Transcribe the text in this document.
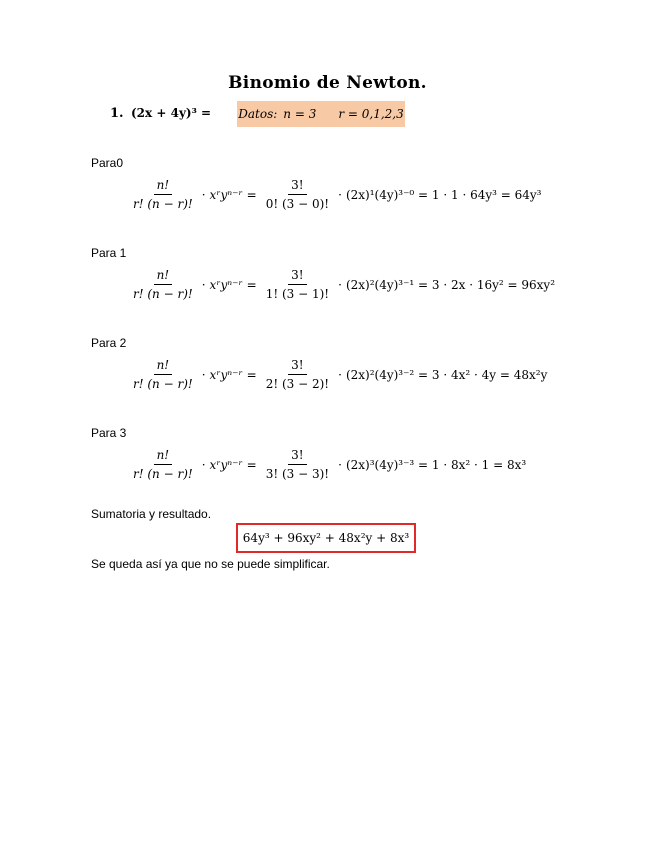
Binomio de Newton.
1. (2x + 4y)³ = Datos: n = 3 r = 0,1,2,3
Para0
$\frac{n!}{r! (n - r)!}$ · xʳyⁿ⁻ʳ = $\frac{3!}{0! (3 - 0)!} \cdot (2x)^1(4y)^{3-0} = 1 \cdot 1 \cdot 64y^3 = 64y^3$
Para 1
$\frac{n!}{r! (n - r)!}$ · xʳyⁿ⁻ʳ = $\frac{3!}{1! (3 - 1)!} \cdot (2x)^2(4y)^{3-1} = 3 \cdot 2x \cdot 16y^2 = 96xy^2$
Para 2
$\frac{n!}{r! (n - r)!}$ · xʳyⁿ⁻ʳ = $\frac{3!}{2! (3 - 2)!} \cdot (2x)^2(4y)^{3-2} = 3 \cdot 4x^2 \cdot 4y = 48x^2y$
Para 3
$\frac{n!}{r! (n - r)!}$ · xʳyⁿ⁻ʳ = $\frac{3!}{3! (3 - 3)!} \cdot (2x)^3(4y)^{3-3} = 1 \cdot 8x^2 \cdot 1 = 8x^3$
Sumatoria y resultado.
64y³ + 96xy² + 48x²y + 8x³
Se queda así ya que no se puede simplificar.
